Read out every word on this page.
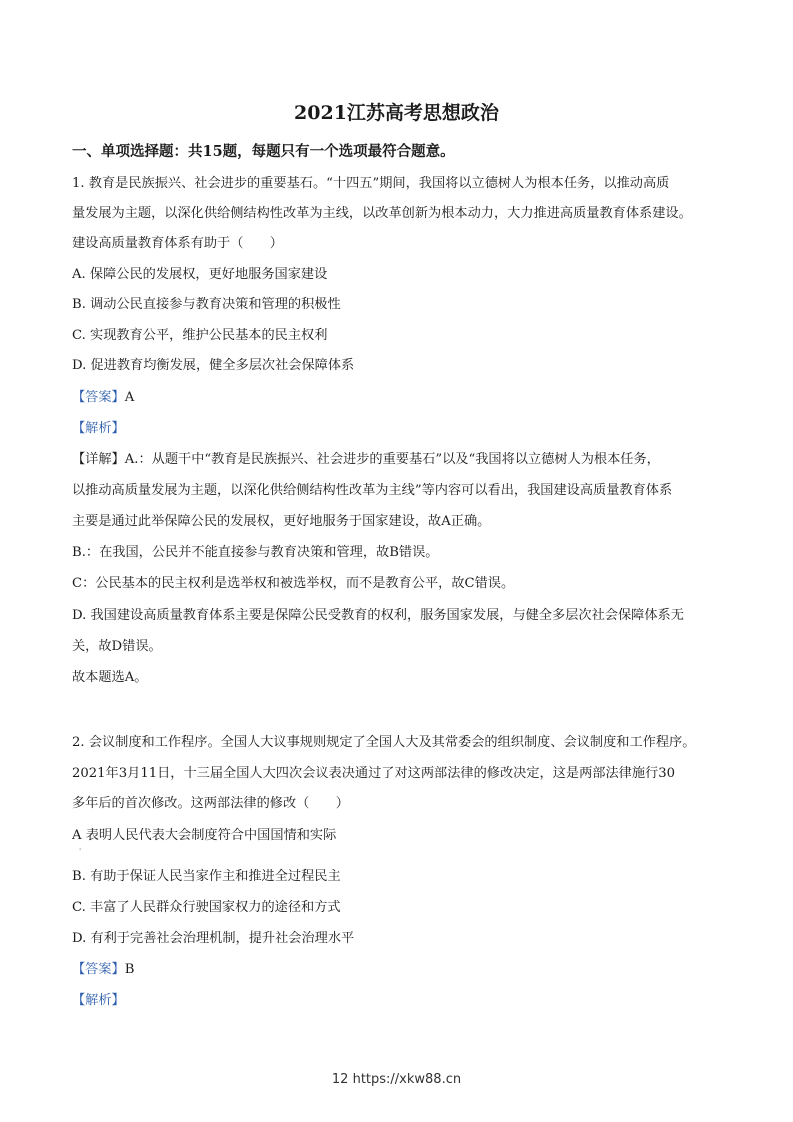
2021江苏高考思想政治
一、单项选择题：共15题，每题只有一个选项最符合题意。
1. 教育是民族振兴、社会进步的重要基石。“十四五”期间，我国将以立德树人为根本任务，以推动高质
量发展为主题，以深化供给侧结构性改革为主线，以改革创新为根本动力，大力推进高质量教育体系建设。
建设高质量教育体系有助于（　　）
A. 保障公民的发展权，更好地服务国家建设
B. 调动公民直接参与教育决策和管理的积极性
C. 实现教育公平，维护公民基本的民主权利
D. 促进教育均衡发展，健全多层次社会保障体系
【答案】A
【解析】
【详解】A.：从题干中“教育是民族振兴、社会进步的重要基石”以及“我国将以立德树人为根本任务，
以推动高质量发展为主题，以深化供给侧结构性改革为主线”等内容可以看出，我国建设高质量教育体系
主要是通过此举保障公民的发展权，更好地服务于国家建设，故A正确。
B.：在我国，公民并不能直接参与教育决策和管理，故B错误。
C：公民基本的民主权利是选举权和被选举权，而不是教育公平，故C错误。
D. 我国建设高质量教育体系主要是保障公民受教育的权利，服务国家发展，与健全多层次社会保障体系无
关，故D错误。
故本题选A。
2. 会议制度和工作程序。全国人大议事规则规定了全国人大及其常委会的组织制度、会议制度和工作程序。
2021年3月11日，十三届全国人大四次会议表决通过了对这两部法律的修改决定，这是两部法律施行30
多年后的首次修改。这两部法律的修改（　　）
A 表明人民代表大会制度符合中国国情和实际
'
B. 有助于保证人民当家作主和推进全过程民主
C. 丰富了人民群众行驶国家权力的途径和方式
D. 有利于完善社会治理机制，提升社会治理水平
【答案】B
【解析】
12 https://xkw88.cn
